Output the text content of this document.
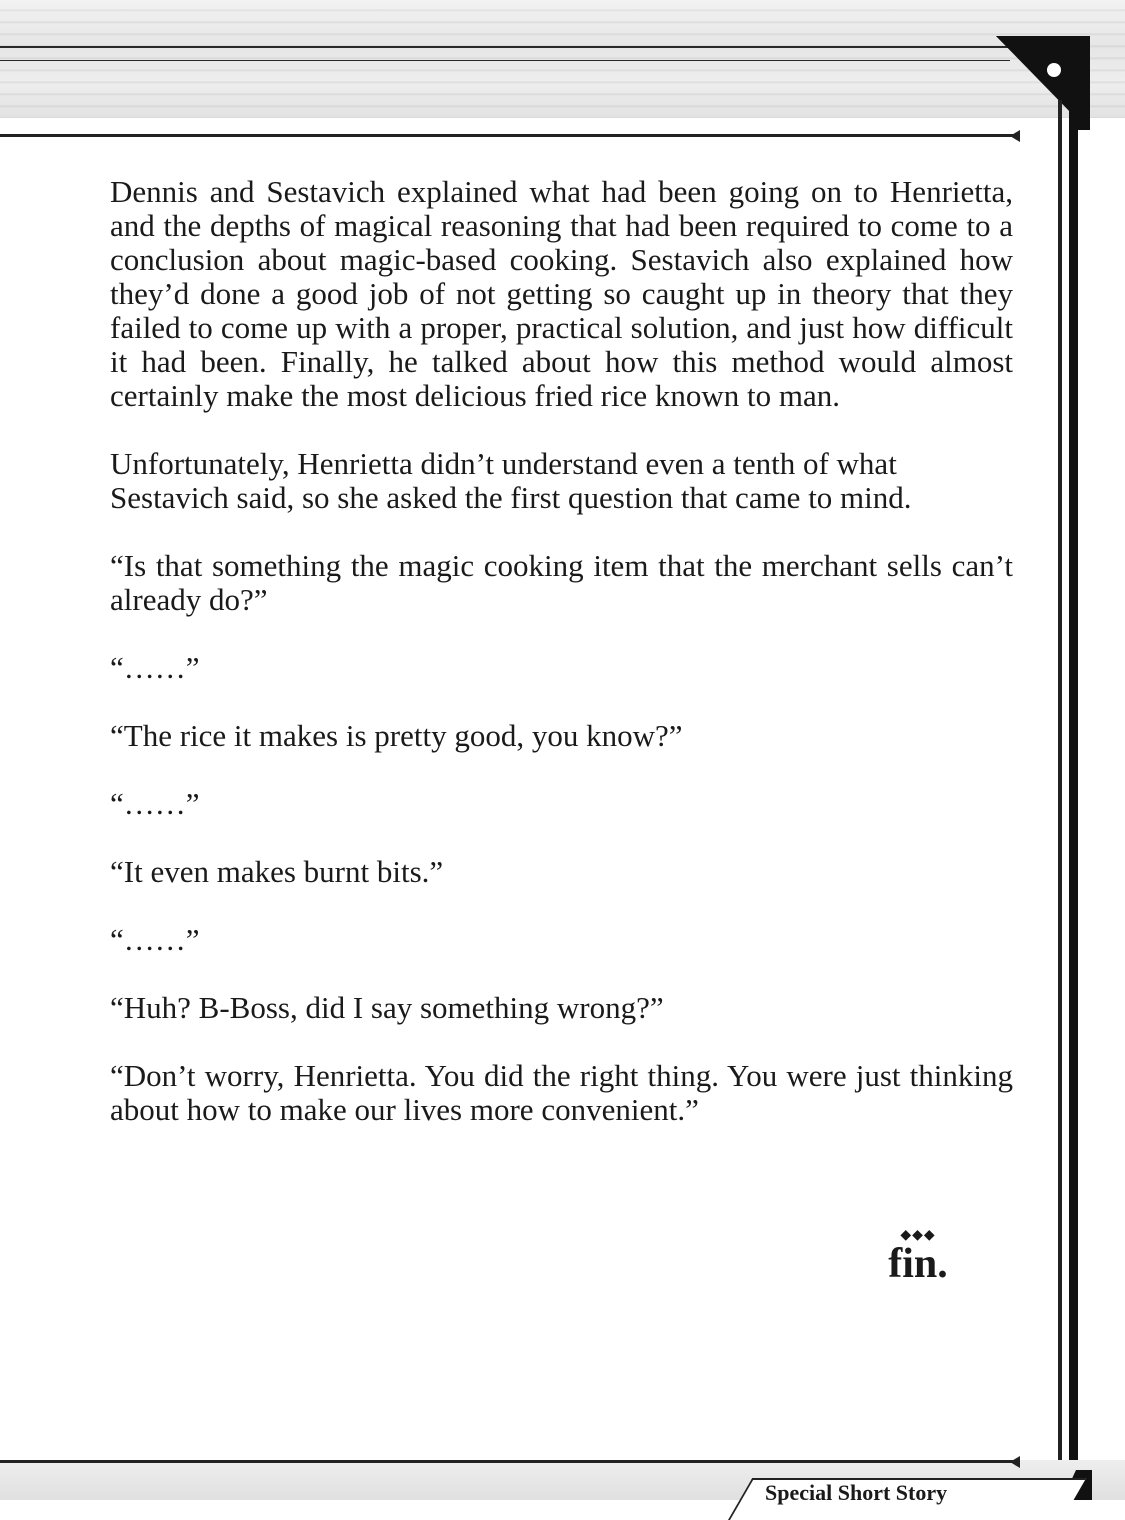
Dennis and Sestavich explained what had been going on to Henrietta, and the depths of magical reasoning that had been required to come to a conclusion about magic-based cooking. Sestavich also explained how they’d done a good job of not getting so caught up in theory that they failed to come up with a proper, practical solution, and just how difficult it had been. Finally, he talked about how this method would almost certainly make the most delicious fried rice known to man.

Unfortunately, Henrietta didn’t understand even a tenth of what Sestavich said, so she asked the first question that came to mind.

“Is that something the magic cooking item that the merchant sells can’t already do?”

“……”

“The rice it makes is pretty good, you know?”

“……”

“It even makes burnt bits.”

“……”

“Huh? B-Boss, did I say something wrong?”

“Don’t worry, Henrietta. You did the right thing. You were just thinking about how to make our lives more convenient.”

◆◆◆
fin.
Special Short Story
